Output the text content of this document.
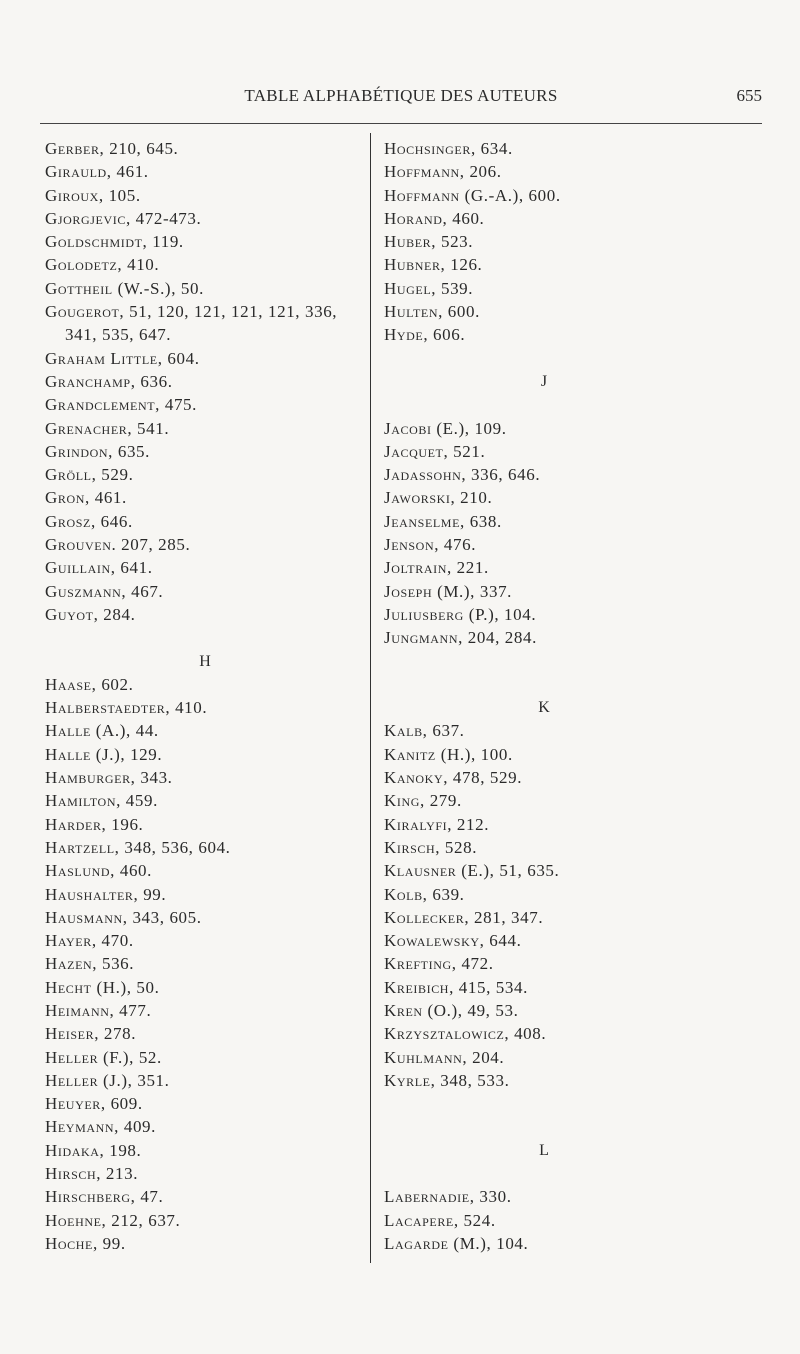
TABLE ALPHABÉTIQUE DES AUTEURS	655
Gerber, 210, 645.
Girauld, 461.
Giroux, 105.
Gjorgjevic, 472-473.
Goldschmidt, 119.
Golodetz, 410.
Gottheil (W.-S.), 50.
Gougerot, 51, 120, 121, 121, 121, 336,
341, 535, 647.
Graham Little, 604.
Granchamp, 636.
Grandclement, 475.
Grenacher, 541.
Grindon, 635.
Gröll, 529.
Gron, 461.
Grosz, 646.
Grouven. 207, 285.
Guillain, 641.
Guszmann, 467.
Guyot, 284.
H
Haase, 602.
Halberstaedter, 410.
Halle (A.), 44.
Halle (J.), 129.
Hamburger, 343.
Hamilton, 459.
Harder, 196.
Hartzell, 348, 536, 604.
Haslund, 460.
Haushalter, 99.
Hausmann, 343, 605.
Hayer, 470.
Hazen, 536.
Hecht (H.), 50.
Heimann, 477.
Heiser, 278.
Heller (F.), 52.
Heller (J.), 351.
Heuyer, 609.
Heymann, 409.
Hidaka, 198.
Hirsch, 213.
Hirschberg, 47.
Hoehne, 212, 637.
Hoche, 99.
Hochsinger, 634.
Hoffmann, 206.
Hoffmann (G.-A.), 600.
Horand, 460.
Huber, 523.
Hubner, 126.
Hugel, 539.
Hulten, 600.
Hyde, 606.
J
Jacobi (E.), 109.
Jacquet, 521.
Jadassohn, 336, 646.
Jaworski, 210.
Jeanselme, 638.
Jenson, 476.
Joltrain, 221.
Joseph (M.), 337.
Juliusberg (P.), 104.
Jungmann, 204, 284.
K
Kalb, 637.
Kanitz (H.), 100.
Kanoky, 478, 529.
King, 279.
Kiralyfi, 212.
Kirsch, 528.
Klausner (E.), 51, 635.
Kolb, 639.
Kollecker, 281, 347.
Kowalewsky, 644.
Krefting, 472.
Kreibich, 415, 534.
Kren (O.), 49, 53.
Krzysztalowicz, 408.
Kuhlmann, 204.
Kyrle, 348, 533.
L
Labernadie, 330.
Lacapere, 524.
Lagarde (M.), 104.
